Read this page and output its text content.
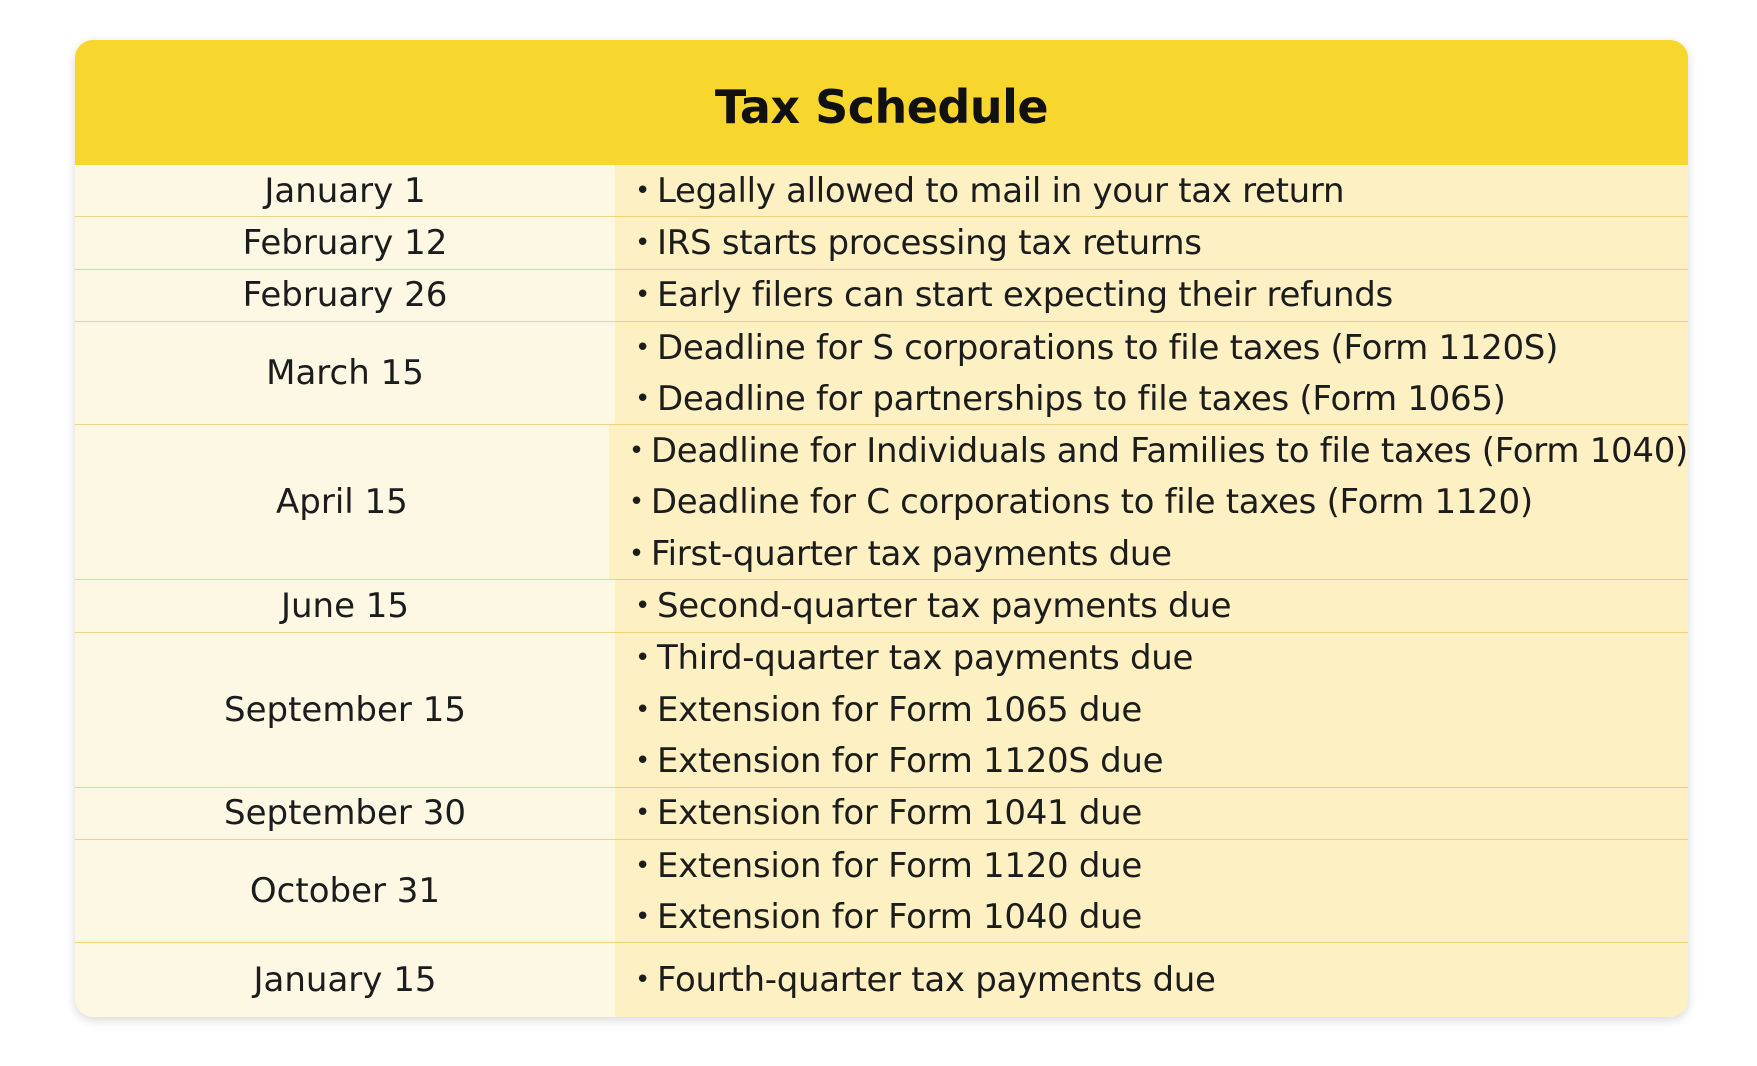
Tax Schedule
January 1	• Legally allowed to mail in your tax return
February 12	• IRS starts processing tax returns
February 26	• Early filers can start expecting their refunds
March 15
• Deadline for S corporations to file taxes (Form 1120S)
• Deadline for partnerships to file taxes (Form 1065)
April 15
• Deadline for Individuals and Families to file taxes (Form 1040)
• Deadline for C corporations to file taxes (Form 1120)
• First-quarter tax payments due
June 15	• Second-quarter tax payments due
September 15
• Third-quarter tax payments due
• Extension for Form 1065 due
• Extension for Form 1120S due
September 30	• Extension for Form 1041 due
October 31
• Extension for Form 1120 due
• Extension for Form 1040 due
January 15	• Fourth-quarter tax payments due
